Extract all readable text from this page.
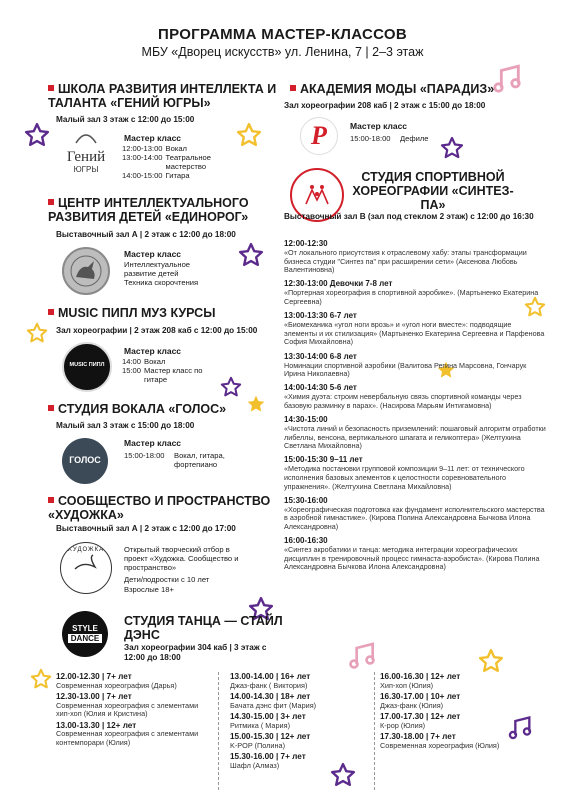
ПРОГРАММА МАСТЕР-КЛАССОВ
МБУ «Дворец искусств» ул. Ленина, 7 | 2–3 этаж
ШКОЛА РАЗВИТИЯ ИНТЕЛЛЕКТА И ТАЛАНТА «ГЕНИЙ ЮГРЫ»
Малый зал 3 этаж с 12:00 до 15:00
Гений
ЮГРЫ
Мастер класс
12:00-13:00	Вокал
13:00-14:00	Театральное мастерство
14:00-15:00	Гитара
ЦЕНТР ИНТЕЛЛЕКТУАЛЬНОГО РАЗВИТИЯ ДЕТЕЙ «ЕДИНОРОГ»
Выставочный зал А | 2 этаж с 12:00 до 18:00
Мастер класс
Интеллектуальное развитие детей Техника скорочтения
MUSIC ПИПЛ МУЗ КУРСЫ
Зал хореографии | 2 этаж 208 каб с 12:00 до 15:00
MUSIC ПИПЛ
Мастер класс
14:00	Вокал
15:00	Мастер класс по гитаре
СТУДИЯ ВОКАЛА «ГОЛОС»
Малый зал 3 этаж с 15:00 до 18:00
ГОЛОС
Мастер класс
15:00-18:00 Вокал, гитара, фортепиано
СООБЩЕСТВО И ПРОСТРАНСТВО «ХУДОЖКА»
Выставочный зал А | 2 этаж с 12:00 до 17:00
ХУДОЖКА	Открытый творческий отбор в проект «Художка. Сообщество и пространство»
Дети/подростки с 10 лет
Взрослые 18+
STYLE
DANCE
СТУДИЯ ТАНЦА — СТАЙЛ ДЭНС
Зал хореографии 304 каб | 3 этаж с 12:00 до 18:00
12.00-12.30 | 7+ лет
Современная хореография (Дарья)
12.30-13.00 | 7+ лет
Современная хореография с элементами хип-хоп (Юлия и Кристина)
13.00-13.30 | 12+ лет
Современная хореография с элементами контемпорари (Юлия)
13.00-14.00 | 16+ лет
Джаз-фанк ( Виктория)
14.00-14.30 | 18+ лет
Бачата дэнс фит (Мария)
14.30-15.00 | 3+ лет
Ритмика ( Мария)
15.00-15.30 | 12+ лет
K-POP (Полина)
15.30-16.00 | 7+ лет
Шафл (Алмаз)
16.00-16.30 | 12+ лет
Хип-хоп (Юлия)
16.30-17.00 | 10+ лет
Джаз-фанк (Юлия)
17.00-17.30 | 12+ лет
К-рор (Юлия)
17.30-18.00 | 7+ лет
Современная хореография (Юлия)
АКАДЕМИЯ МОДЫ «ПАРАДИЗ»
Зал хореографии 208 каб | 2 этаж с 15:00 до 18:00
P	Мастер класс
15:00-18:00 Дефиле
СТУДИЯ СПОРТИВНОЙ ХОРЕОГРАФИИ «СИНТЕЗ-ПА»
Выставочный зал В (зал под стеклом 2 этаж) с 12:00 до 16:30
12:00-12:30
«От локального присутствия к отраслевому хабу: этапы трансформации бизнеса студии "Синтез па" при расширении сети» (Аксенова Любовь Валентиновна)
12:30-13:00 Девочки 7-8 лет
«Портерная хореография в спортивной аэробике». (Мартыненко Екатерина Сергеевна)
13:00-13:30 6-7 лет
«Биомеханика «угол ноги врозь» и «угол ноги вместе»: подводящие элементы и их стилизация» (Мартыненко Екатерина Сергеевна и Парфенова София Михайловна)
13:30-14:00 6-8 лет
Номинации спортивной аэробики (Валитова Регина Марсовна, Гончарук Ирина Николаевна)
14:00-14:30 5-6 лет
«Химия дуэта: строим невербальную связь спортивной команды через базовую разминку в парах». (Насирова Марьям Интигамовна)
14:30-15:00
«Чистота линий и безопасность приземлений: пошаговый алгоритм отработки либеллы, венсона, вертикального шпагата и геликоптера» (Желтухина Светлана Михайловна)
15:00-15:30 9–11 лет
«Методика постановки групповой композиции 9–11 лет: от технического исполнения базовых элементов к целостности соревновательного упражнения». (Желтухина Светлана Михайловна)
15:30-16:00
«Хореографическая подготовка как фундамент исполнительского мастерства в аэробной гимнастике». (Кирова Полина Александровна Бычкова Илона Александровна)
16:00-16:30
«Синтез акробатики и танца: методика интеграции хореографических дисциплин в тренировочный процесс гимнаста-аэробиста». (Кирова Полина Александровна Бычкова Илона Александровна)
